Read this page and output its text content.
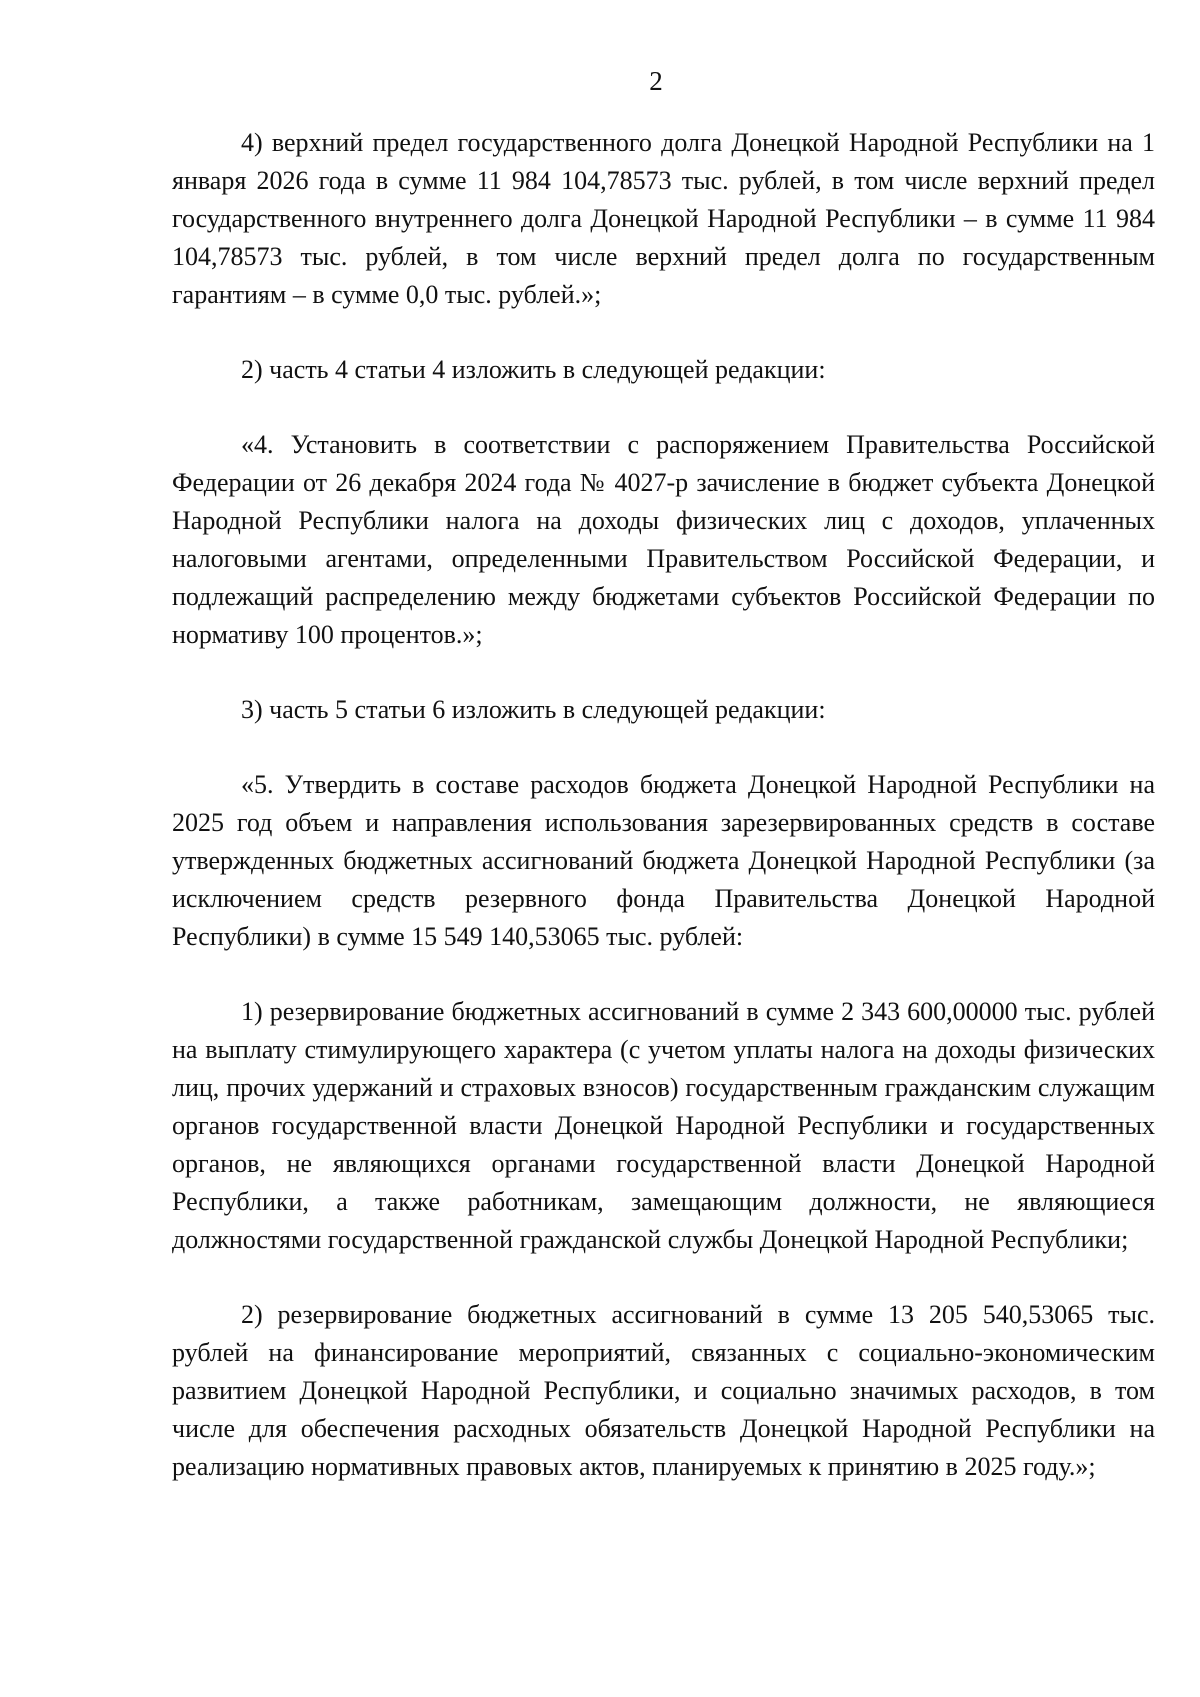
2

4) верхний предел государственного долга Донецкой Народной Республики на 1 января 2026 года в сумме 11 984 104,78573 тыс. рублей, в том числе верхний предел государственного внутреннего долга Донецкой Народной Республики – в сумме 11 984 104,78573 тыс. рублей, в том числе верхний предел долга по государственным гарантиям – в сумме 0,0 тыс. рублей.»;

2) часть 4 статьи 4 изложить в следующей редакции:

«4. Установить в соответствии с распоряжением Правительства Российской Федерации от 26 декабря 2024 года № 4027-р зачисление в бюджет субъекта Донецкой Народной Республики налога на доходы физических лиц с доходов, уплаченных налоговыми агентами, определенными Правительством Российской Федерации, и подлежащий распределению между бюджетами субъектов Российской Федерации по нормативу 100 процентов.»;

3) часть 5 статьи 6 изложить в следующей редакции:

«5. Утвердить в составе расходов бюджета Донецкой Народной Республики на 2025 год объем и направления использования зарезервированных средств в составе утвержденных бюджетных ассигнований бюджета Донецкой Народной Республики (за исключением средств резервного фонда Правительства Донецкой Народной Республики) в сумме 15 549 140,53065 тыс. рублей:

1) резервирование бюджетных ассигнований в сумме 2 343 600,00000 тыс. рублей на выплату стимулирующего характера (с учетом уплаты налога на доходы физических лиц, прочих удержаний и страховых взносов) государственным гражданским служащим органов государственной власти Донецкой Народной Республики и государственных органов, не являющихся органами государственной власти Донецкой Народной Республики, а также работникам, замещающим должности, не являющиеся должностями государственной гражданской службы Донецкой Народной Республики;

2) резервирование бюджетных ассигнований в сумме 13 205 540,53065 тыс. рублей на финансирование мероприятий, связанных с социально-экономическим развитием Донецкой Народной Республики, и социально значимых расходов, в том числе для обеспечения расходных обязательств Донецкой Народной Республики на реализацию нормативных правовых актов, планируемых к принятию в 2025 году.»;
